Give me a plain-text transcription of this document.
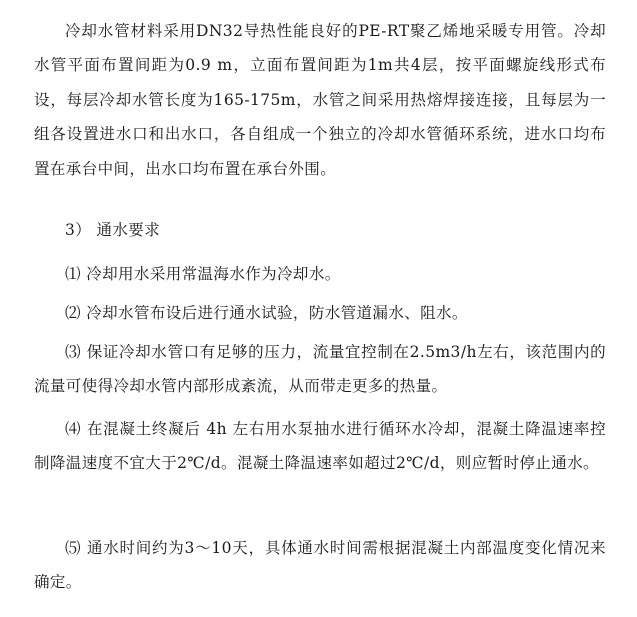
冷却水管材料采用DN32导热性能良好的PE-RT聚乙烯地采暖专用管。冷却水管平面布置间距为0.9 m，立面布置间距为1m共4层，按平面螺旋线形式布设，每层冷却水管长度为165-175m，水管之间采用热熔焊接连接，且每层为一组各设置进水口和出水口，各自组成一个独立的冷却水管循环系统，进水口均布置在承台中间，出水口均布置在承台外围。

3） 通水要求

⑴ 冷却用水采用常温海水作为冷却水。

⑵ 冷却水管布设后进行通水试验，防水管道漏水、阻水。

⑶ 保证冷却水管口有足够的压力，流量宜控制在2.5m3/h左右，该范围内的流量可使得冷却水管内部形成紊流，从而带走更多的热量。

⑷ 在混凝土终凝后 4h 左右用水泵抽水进行循环水冷却，混凝土降温速率控制降温速度不宜大于2℃/d。混凝土降温速率如超过2℃/d，则应暂时停止通水。

⑸ 通水时间约为3～10天，具体通水时间需根据混凝土内部温度变化情况来确定。
